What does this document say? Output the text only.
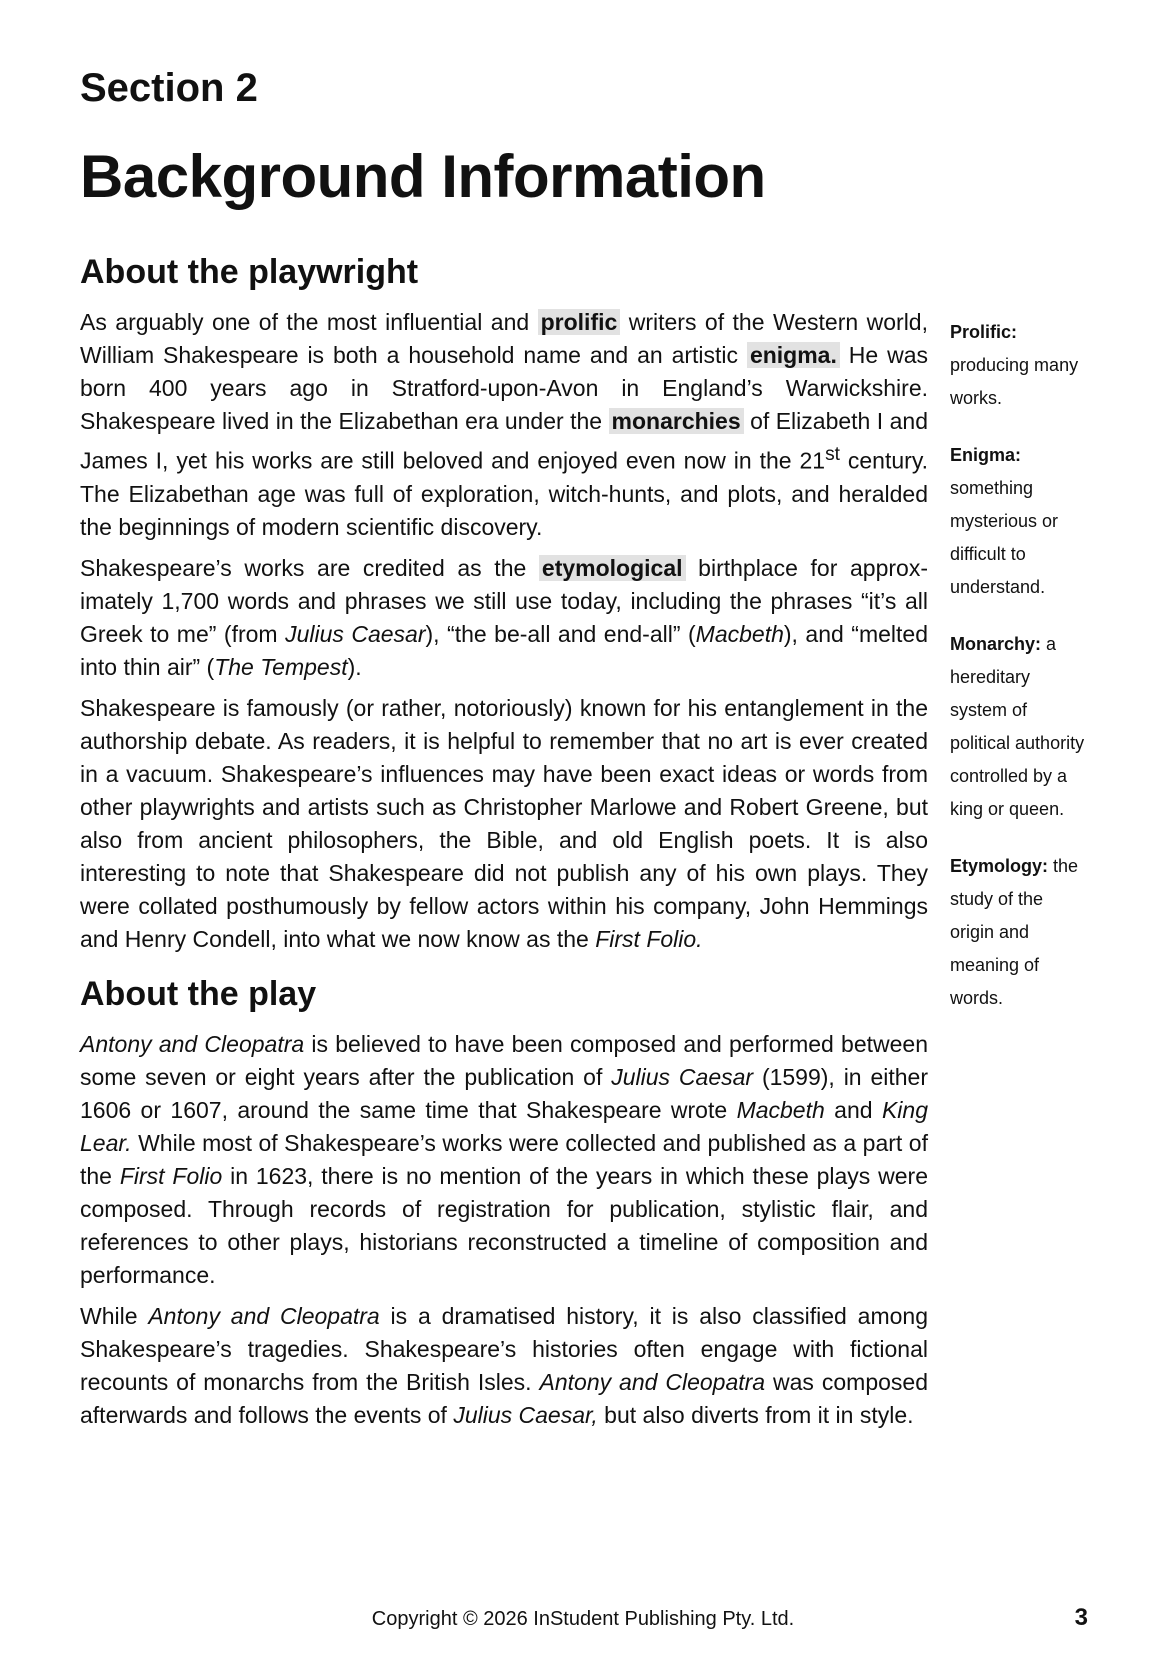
Section 2
Background Information
About the playwright

As arguably one of the most influential and prolific writers of the Western world, William Shakespeare is both a household name and an artistic enigma. He was born 400 years ago in Stratford-upon-Avon in England’s Warwickshire. Shakespeare lived in the Elizabethan era under the monarchies of Elizabeth I and James I, yet his works are still beloved and enjoyed even now in the 21st century. The Elizabethan age was full of exploration, witch-hunts, and plots, and heralded the beginnings of modern scientific discovery.

Shakespeare’s works are credited as the etymological birthplace for approximately 1,700 words and phrases we still use today, including the phrases “it’s all Greek to me” (from Julius Caesar), “the be-all and end-all” (Macbeth), and “melted into thin air” (The Tempest).

Shakespeare is famously (or rather, notoriously) known for his entanglement in the authorship debate. As readers, it is helpful to remember that no art is ever created in a vacuum. Shakespeare’s influences may have been exact ideas or words from other playwrights and artists such as Christopher Marlowe and Robert Greene, but also from ancient philosophers, the Bible, and old English poets. It is also interesting to note that Shakespeare did not publish any of his own plays. They were collated posthumously by fellow actors within his company, John Hemmings and Henry Condell, into what we now know as the First Folio.

About the play

Antony and Cleopatra is believed to have been composed and performed between some seven or eight years after the publication of Julius Caesar (1599), in either 1606 or 1607, around the same time that Shakespeare wrote Macbeth and King Lear. While most of Shakespeare’s works were collected and published as a part of the First Folio in 1623, there is no mention of the years in which these plays were composed. Through records of registration for publication, stylistic flair, and references to other plays, historians reconstructed a timeline of composition and performance.

While Antony and Cleopatra is a dramatised history, it is also classified among Shakespeare’s tragedies. Shakespeare’s histories often engage with fictional recounts of monarchs from the British Isles. Antony and Cleopatra was composed afterwards and follows the events of Julius Caesar, but also diverts from it in style.

Prolific: producing many works.
Enigma: something mysterious or difficult to understand.
Monarchy: a hereditary system of political authority controlled by a king or queen.
Etymology: the study of the origin and meaning of words.
Copyright © 2026 InStudent Publishing Pty. Ltd.	3
